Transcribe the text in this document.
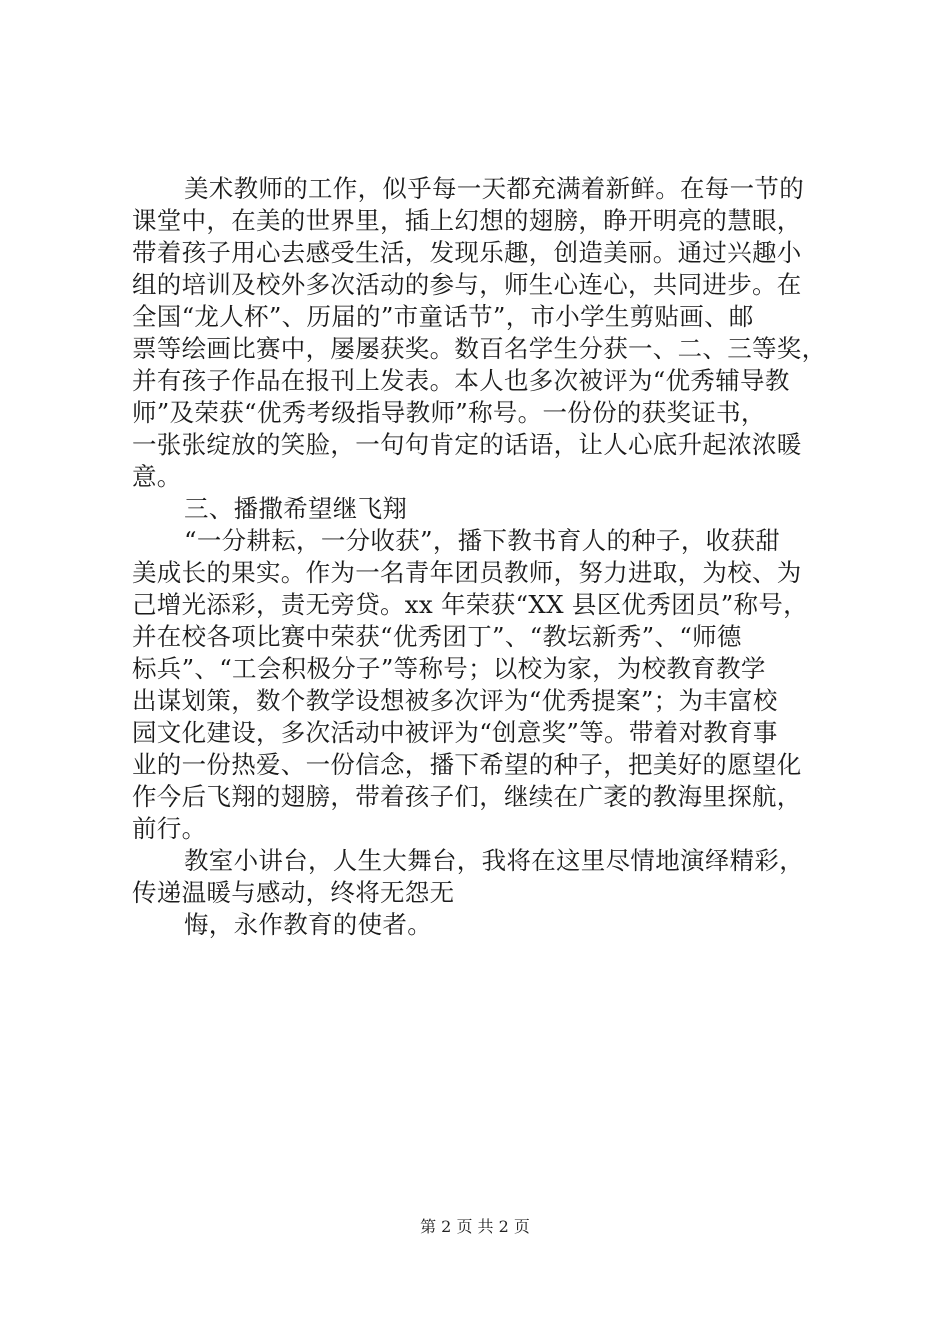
美术教师的工作，似乎每一天都充满着新鲜。在每一节的
课堂中，在美的世界里，插上幻想的翅膀，睁开明亮的慧眼，
带着孩子用心去感受生活，发现乐趣，创造美丽。通过兴趣小
组的培训及校外多次活动的参与，师生心连心，共同进步。在
全国“龙人杯”、历届的”市童话节”，市小学生剪贴画、邮
票等绘画比赛中，屡屡获奖。数百名学生分获一、二、三等奖，
并有孩子作品在报刊上发表。本人也多次被评为“优秀辅导教
师”及荣获“优秀考级指导教师”称号。一份份的获奖证书，
一张张绽放的笑脸，一句句肯定的话语，让人心底升起浓浓暖
意。
三、播撒希望继飞翔
“一分耕耘，一分收获”，播下教书育人的种子，收获甜
美成长的果实。作为一名青年团员教师，努力进取，为校、为
己增光添彩，责无旁贷。xx 年荣获“XX 县区优秀团员”称号，
并在校各项比赛中荣获“优秀团丁”、“教坛新秀”、“师德
标兵”、“工会积极分子”等称号；以校为家，为校教育教学
出谋划策，数个教学设想被多次评为“优秀提案”；为丰富校
园文化建设，多次活动中被评为“创意奖”等。带着对教育事
业的一份热爱、一份信念，播下希望的种子，把美好的愿望化
作今后飞翔的翅膀，带着孩子们，继续在广袤的教海里探航，
前行。
教室小讲台，人生大舞台，我将在这里尽情地演绎精彩，
传递温暖与感动，终将无怨无
悔，永作教育的使者。
第 2 页 共 2 页
